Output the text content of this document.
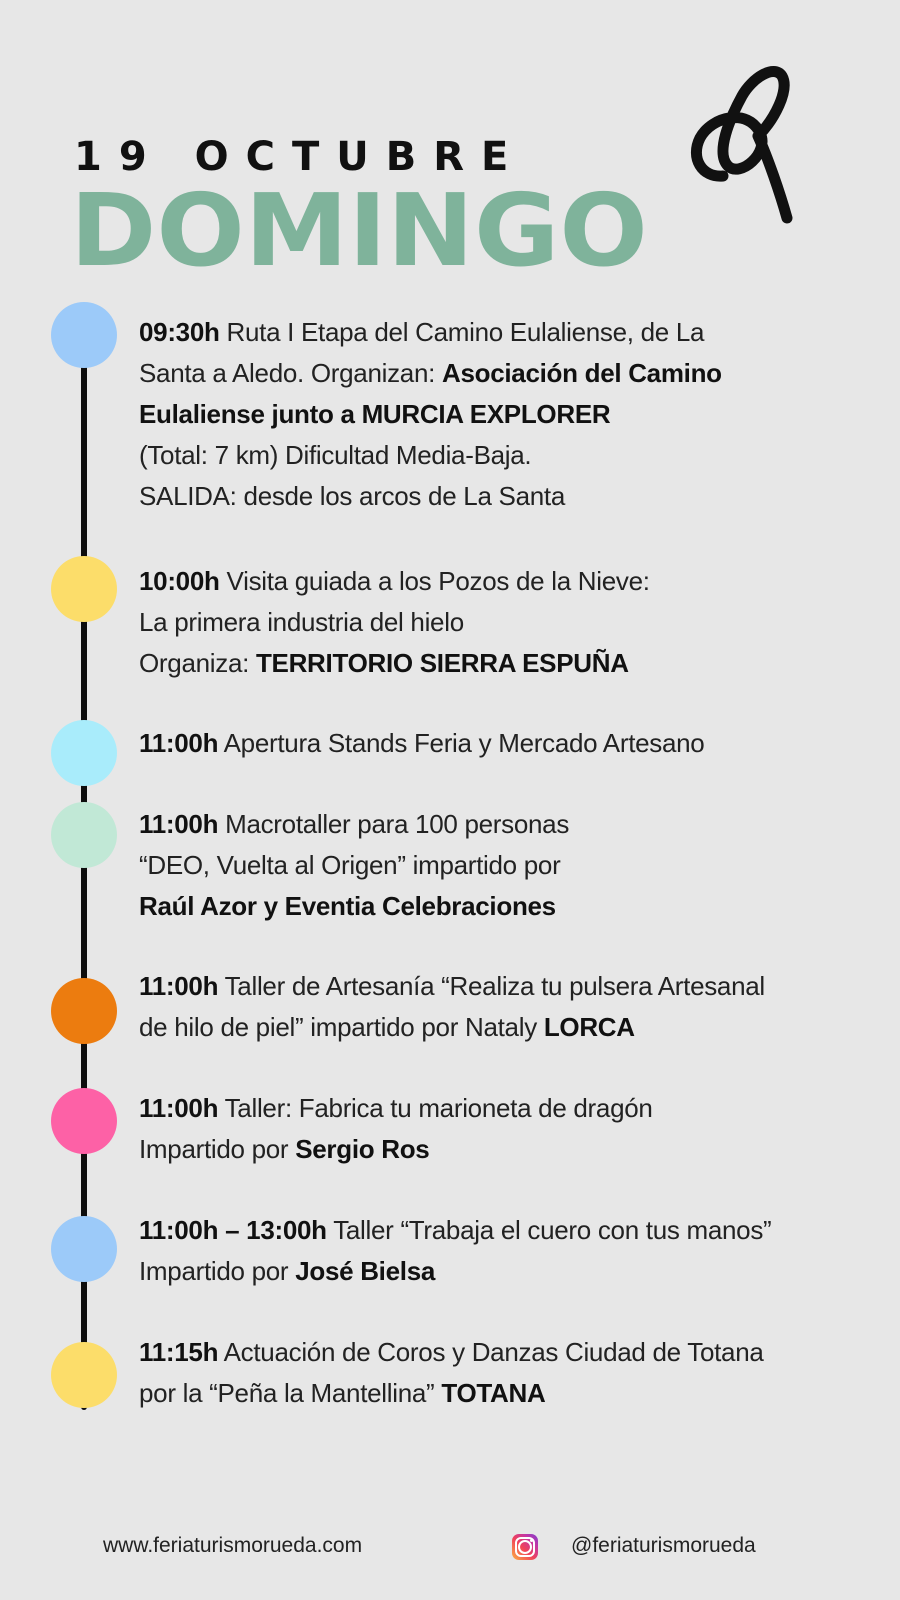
19 OCTUBRE
DOMINGO
09:30h Ruta I Etapa del Camino Eulaliense, de La
Santa a Aledo. Organizan: Asociación del Camino
Eulaliense junto a MURCIA EXPLORER
(Total: 7 km) Dificultad Media-Baja.
SALIDA: desde los arcos de La Santa
10:00h Visita guiada a los Pozos de la Nieve:
La primera industria del hielo
Organiza: TERRITORIO SIERRA ESPUÑA
11:00h Apertura Stands Feria y Mercado Artesano
11:00h Macrotaller para 100 personas
“DEO, Vuelta al Origen” impartido por
Raúl Azor y Eventia Celebraciones
11:00h Taller de Artesanía “Realiza tu pulsera Artesanal
de hilo de piel” impartido por Nataly LORCA
11:00h Taller: Fabrica tu marioneta de dragón
Impartido por Sergio Ros
11:00h – 13:00h Taller “Trabaja el cuero con tus manos”
Impartido por José Bielsa
11:15h Actuación de Coros y Danzas Ciudad de Totana
por la “Peña la Mantellina” TOTANA
www.feriaturismorueda.com	@feriaturismorueda
